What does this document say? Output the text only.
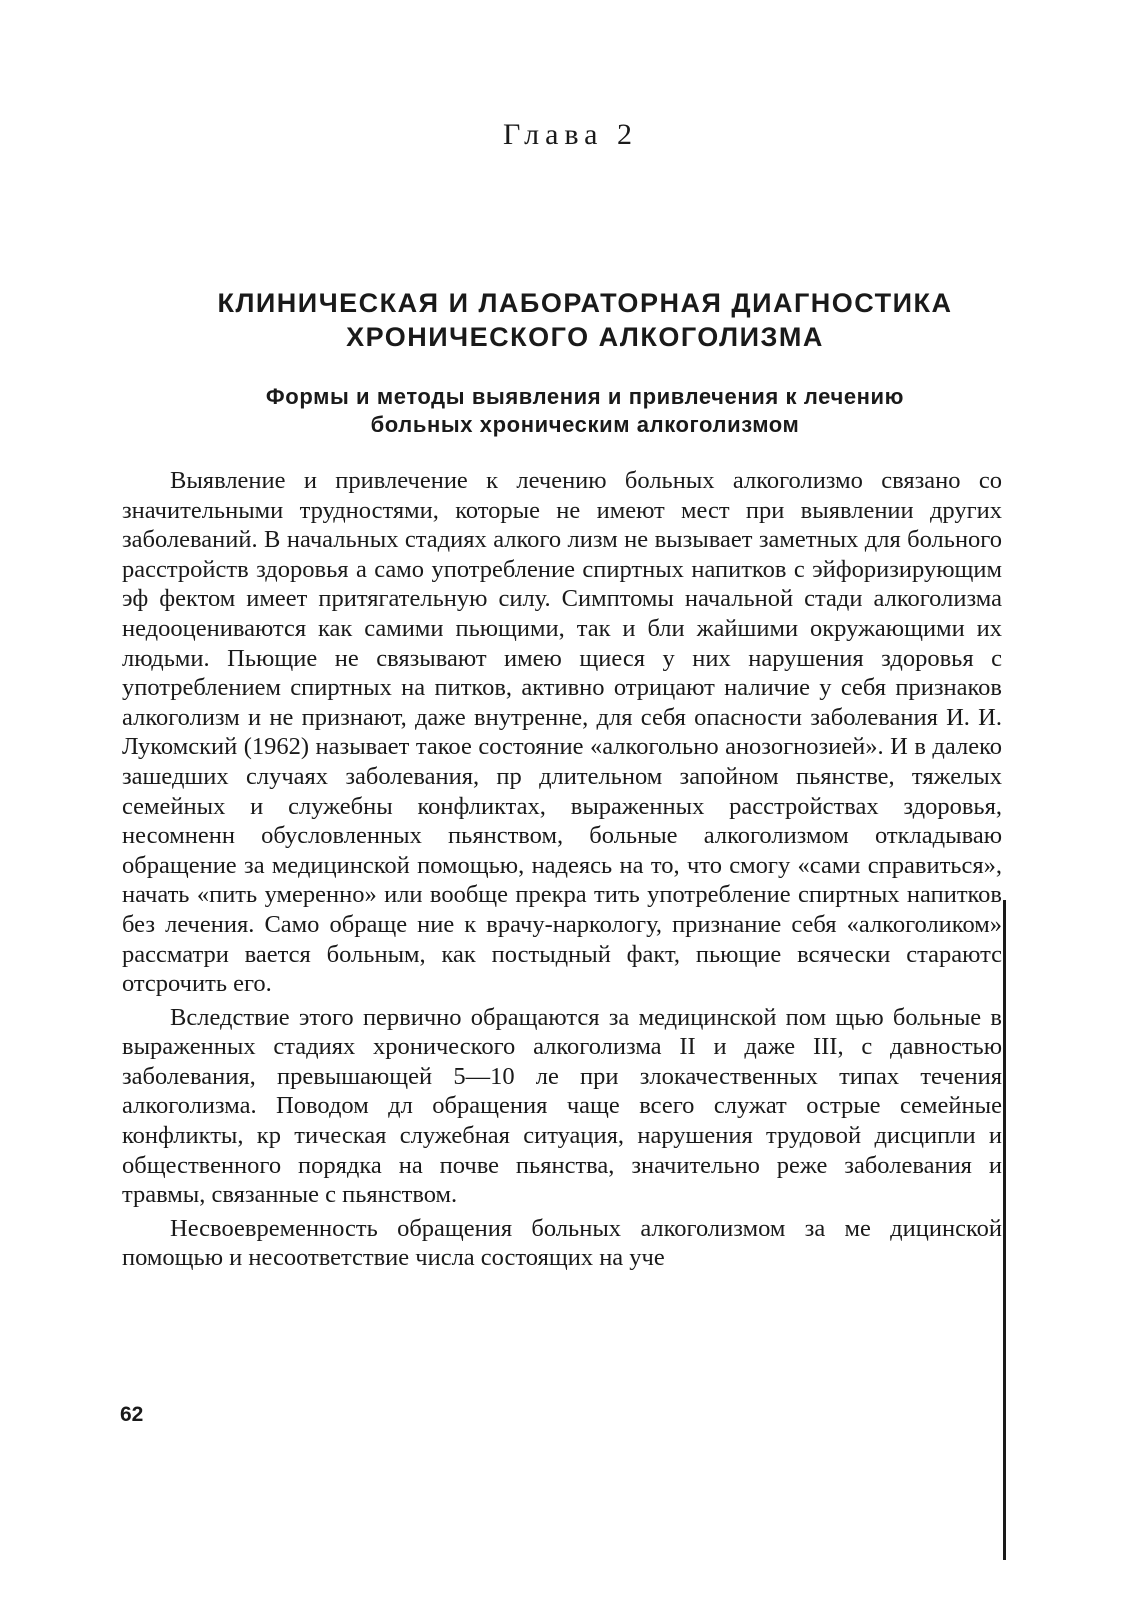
Глава 2
КЛИНИЧЕСКАЯ И ЛАБОРАТОРНАЯ ДИАГНОСТИКА
ХРОНИЧЕСКОГО АЛКОГОЛИЗМА
Формы и методы выявления и привлечения к лечению
больных хроническим алкоголизмом

Выявление и привлечение к лечению больных алкоголизмо связано со значительными трудностями, которые не имеют мест при выявлении других заболеваний. В начальных стадиях алкого лизм не вызывает заметных для больного расстройств здоровья а само употребление спиртных напитков с эйфоризирующим эф фектом имеет притягательную силу. Симптомы начальной стади алкоголизма недооцениваются как самими пьющими, так и бли жайшими окружающими их людьми. Пьющие не связывают имею щиеся у них нарушения здоровья с употреблением спиртных на питков, активно отрицают наличие у себя признаков алкоголизм и не признают, даже внутренне, для себя опасности заболевания И. И. Лукомский (1962) называет такое состояние «алкогольно анозогнозией». И в далеко зашедших случаях заболевания, пр длительном запойном пьянстве, тяжелых семейных и служебны конфликтах, выраженных расстройствах здоровья, несомненн обусловленных пьянством, больные алкоголизмом откладываю обращение за медицинской помощью, надеясь на то, что смогу «сами справиться», начать «пить умеренно» или вообще прекра тить употребление спиртных напитков без лечения. Само обраще ние к врачу-наркологу, признание себя «алкоголиком» рассматри вается больным, как постыдный факт, пьющие всячески стараютс отсрочить его.

Вследствие этого первично обращаются за медицинской пом щью больные в выраженных стадиях хронического алкоголизма II и даже III, с давностью заболевания, превышающей 5—10 ле при злокачественных типах течения алкоголизма. Поводом дл обращения чаще всего служат острые семейные конфликты, кр тическая служебная ситуация, нарушения трудовой дисципли и общественного порядка на почве пьянства, значительно реже заболевания и травмы, связанные с пьянством.

Несвоевременность обращения больных алкоголизмом за ме дицинской помощью и несоответствие числа состоящих на уче

62
